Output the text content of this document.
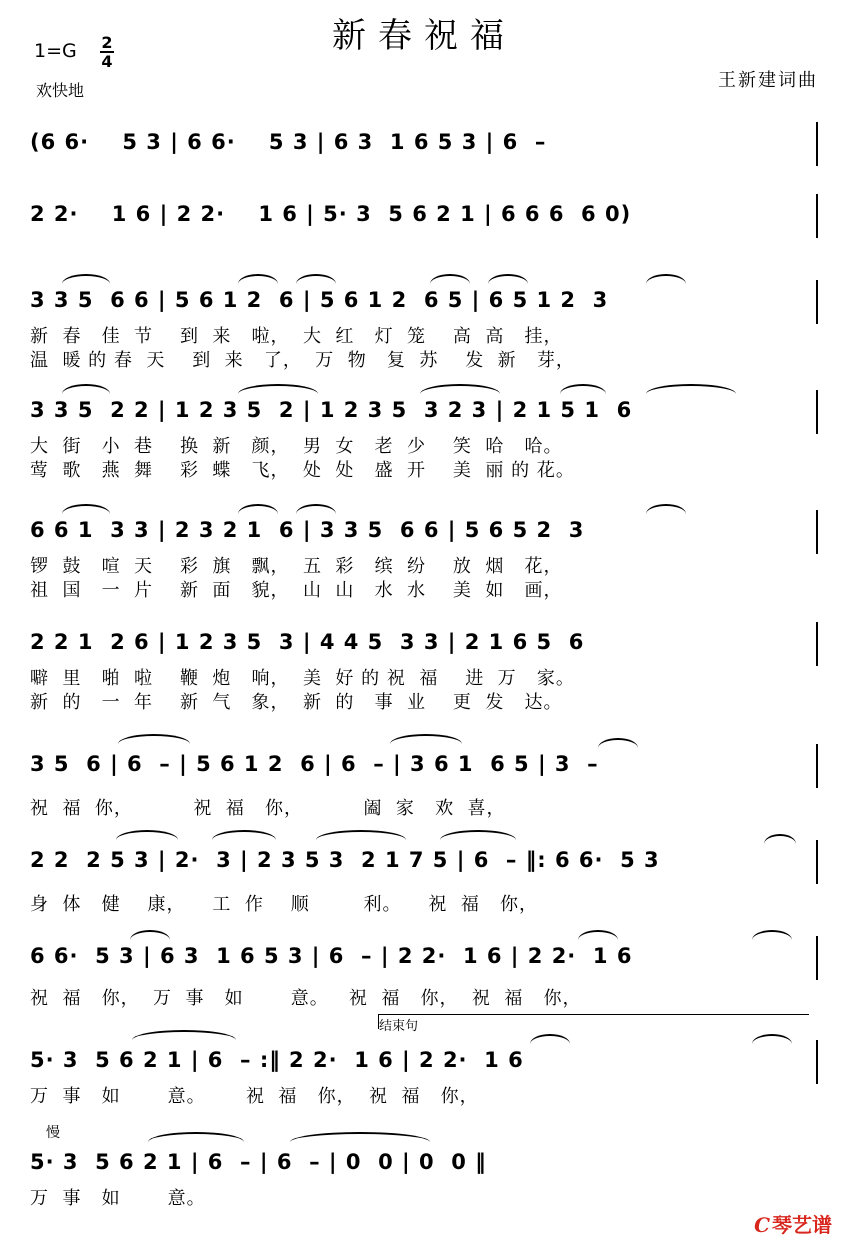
新春祝福
1=G 2
4
欢快地	王新建词曲
(6 6·    5 3 | 6 6·    5 3 | 6 3  1 6 5 3 | 6  –
2 2·    1 6 | 2 2·    1 6 | 5· 3  5 6 2 1 | 6 6 6  6 0)
3 3 5  6 6 | 5 6 1 2  6 | 5 6 1 2  6 5 | 6 5 1 2  3
新  春   佳  节    到  来   啦，  大  红   灯  笼    高  高   挂，
温  暖 的 春  天    到  来   了，  万  物   复  苏    发  新   芽，
3 3 5  2 2 | 1 2 3 5  2 | 1 2 3 5  3 2 3 | 2 1 5 1  6
大  街   小  巷    换  新   颜，  男  女   老  少    笑  哈   哈。
莺  歌   燕  舞    彩  蝶   飞，  处  处   盛  开    美  丽 的 花。
6 6 1  3 3 | 2 3 2 1  6 | 3 3 5  6 6 | 5 6 5 2  3
锣  鼓   喧  天    彩  旗   飘，  五  彩   缤  纷    放  烟   花，
祖  国   一  片    新  面   貌，  山  山   水  水    美  如   画，
2 2 1  2 6 | 1 2 3 5  3 | 4 4 5  3 3 | 2 1 6 5  6
噼  里   啪  啦    鞭  炮   响，  美  好 的 祝  福    进  万   家。
新  的   一  年    新  气   象，  新  的   事  业    更  发   达。
3 5  6 | 6  – | 5 6 1 2  6 | 6  – | 3 6 1  6 5 | 3  –
祝  福  你，         祝  福   你，         阖  家   欢  喜，
2 2  2 5 3 | 2·  3 | 2 3 5 3  2 1 7 5 | 6  – ‖: 6 6·  5 3
身  体   健    康，    工  作    顺        利。    祝  福   你，
6 6·  5 3 | 6 3  1 6 5 3 | 6  – | 2 2·  1 6 | 2 2·  1 6
祝  福   你，  万  事   如       意。   祝  福   你，  祝  福   你，
结束句
5· 3  5 6 2 1 | 6  – :‖ 2 2·  1 6 | 2 2·  1 6
万  事   如       意。      祝  福   你，  祝  福   你，
慢
5· 3  5 6 2 1 | 6  – | 6  – | 0  0 | 0  0 ‖
万  事   如       意。
Ⅽ 琴艺谱
